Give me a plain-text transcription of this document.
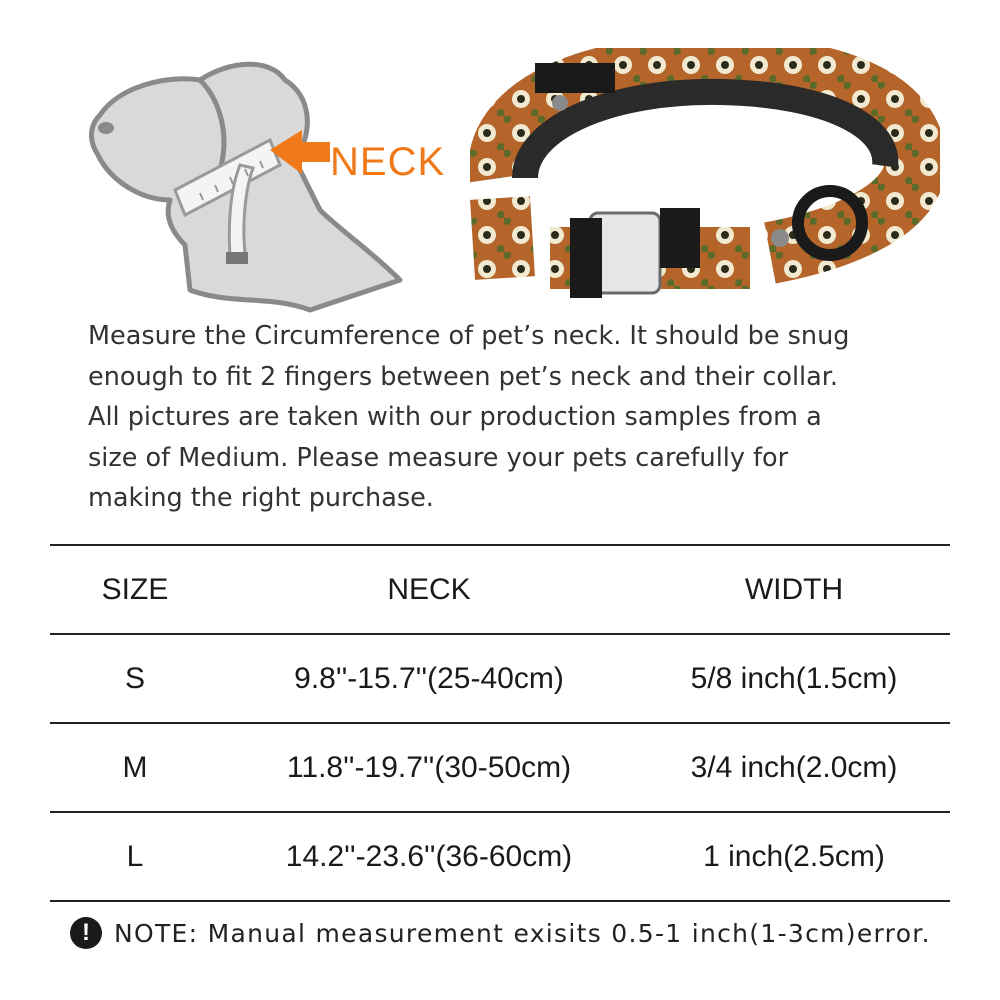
NECK

Measure the Circumference of pet’s neck. It should be snug
enough to fit 2 fingers between pet’s neck and their collar.
All pictures are taken with our production samples from a
size of Medium. Please measure your pets carefully for
making the right purchase.

SIZE	NECK	WIDTH
S	9.8''-15.7''(25-40cm)	5/8 inch(1.5cm)
M	11.8''-19.7''(30-50cm)	3/4 inch(2.0cm)
L	14.2''-23.6''(36-60cm)	1 inch(2.5cm)
! NOTE: Manual measurement exisits 0.5-1 inch(1-3cm)error.
